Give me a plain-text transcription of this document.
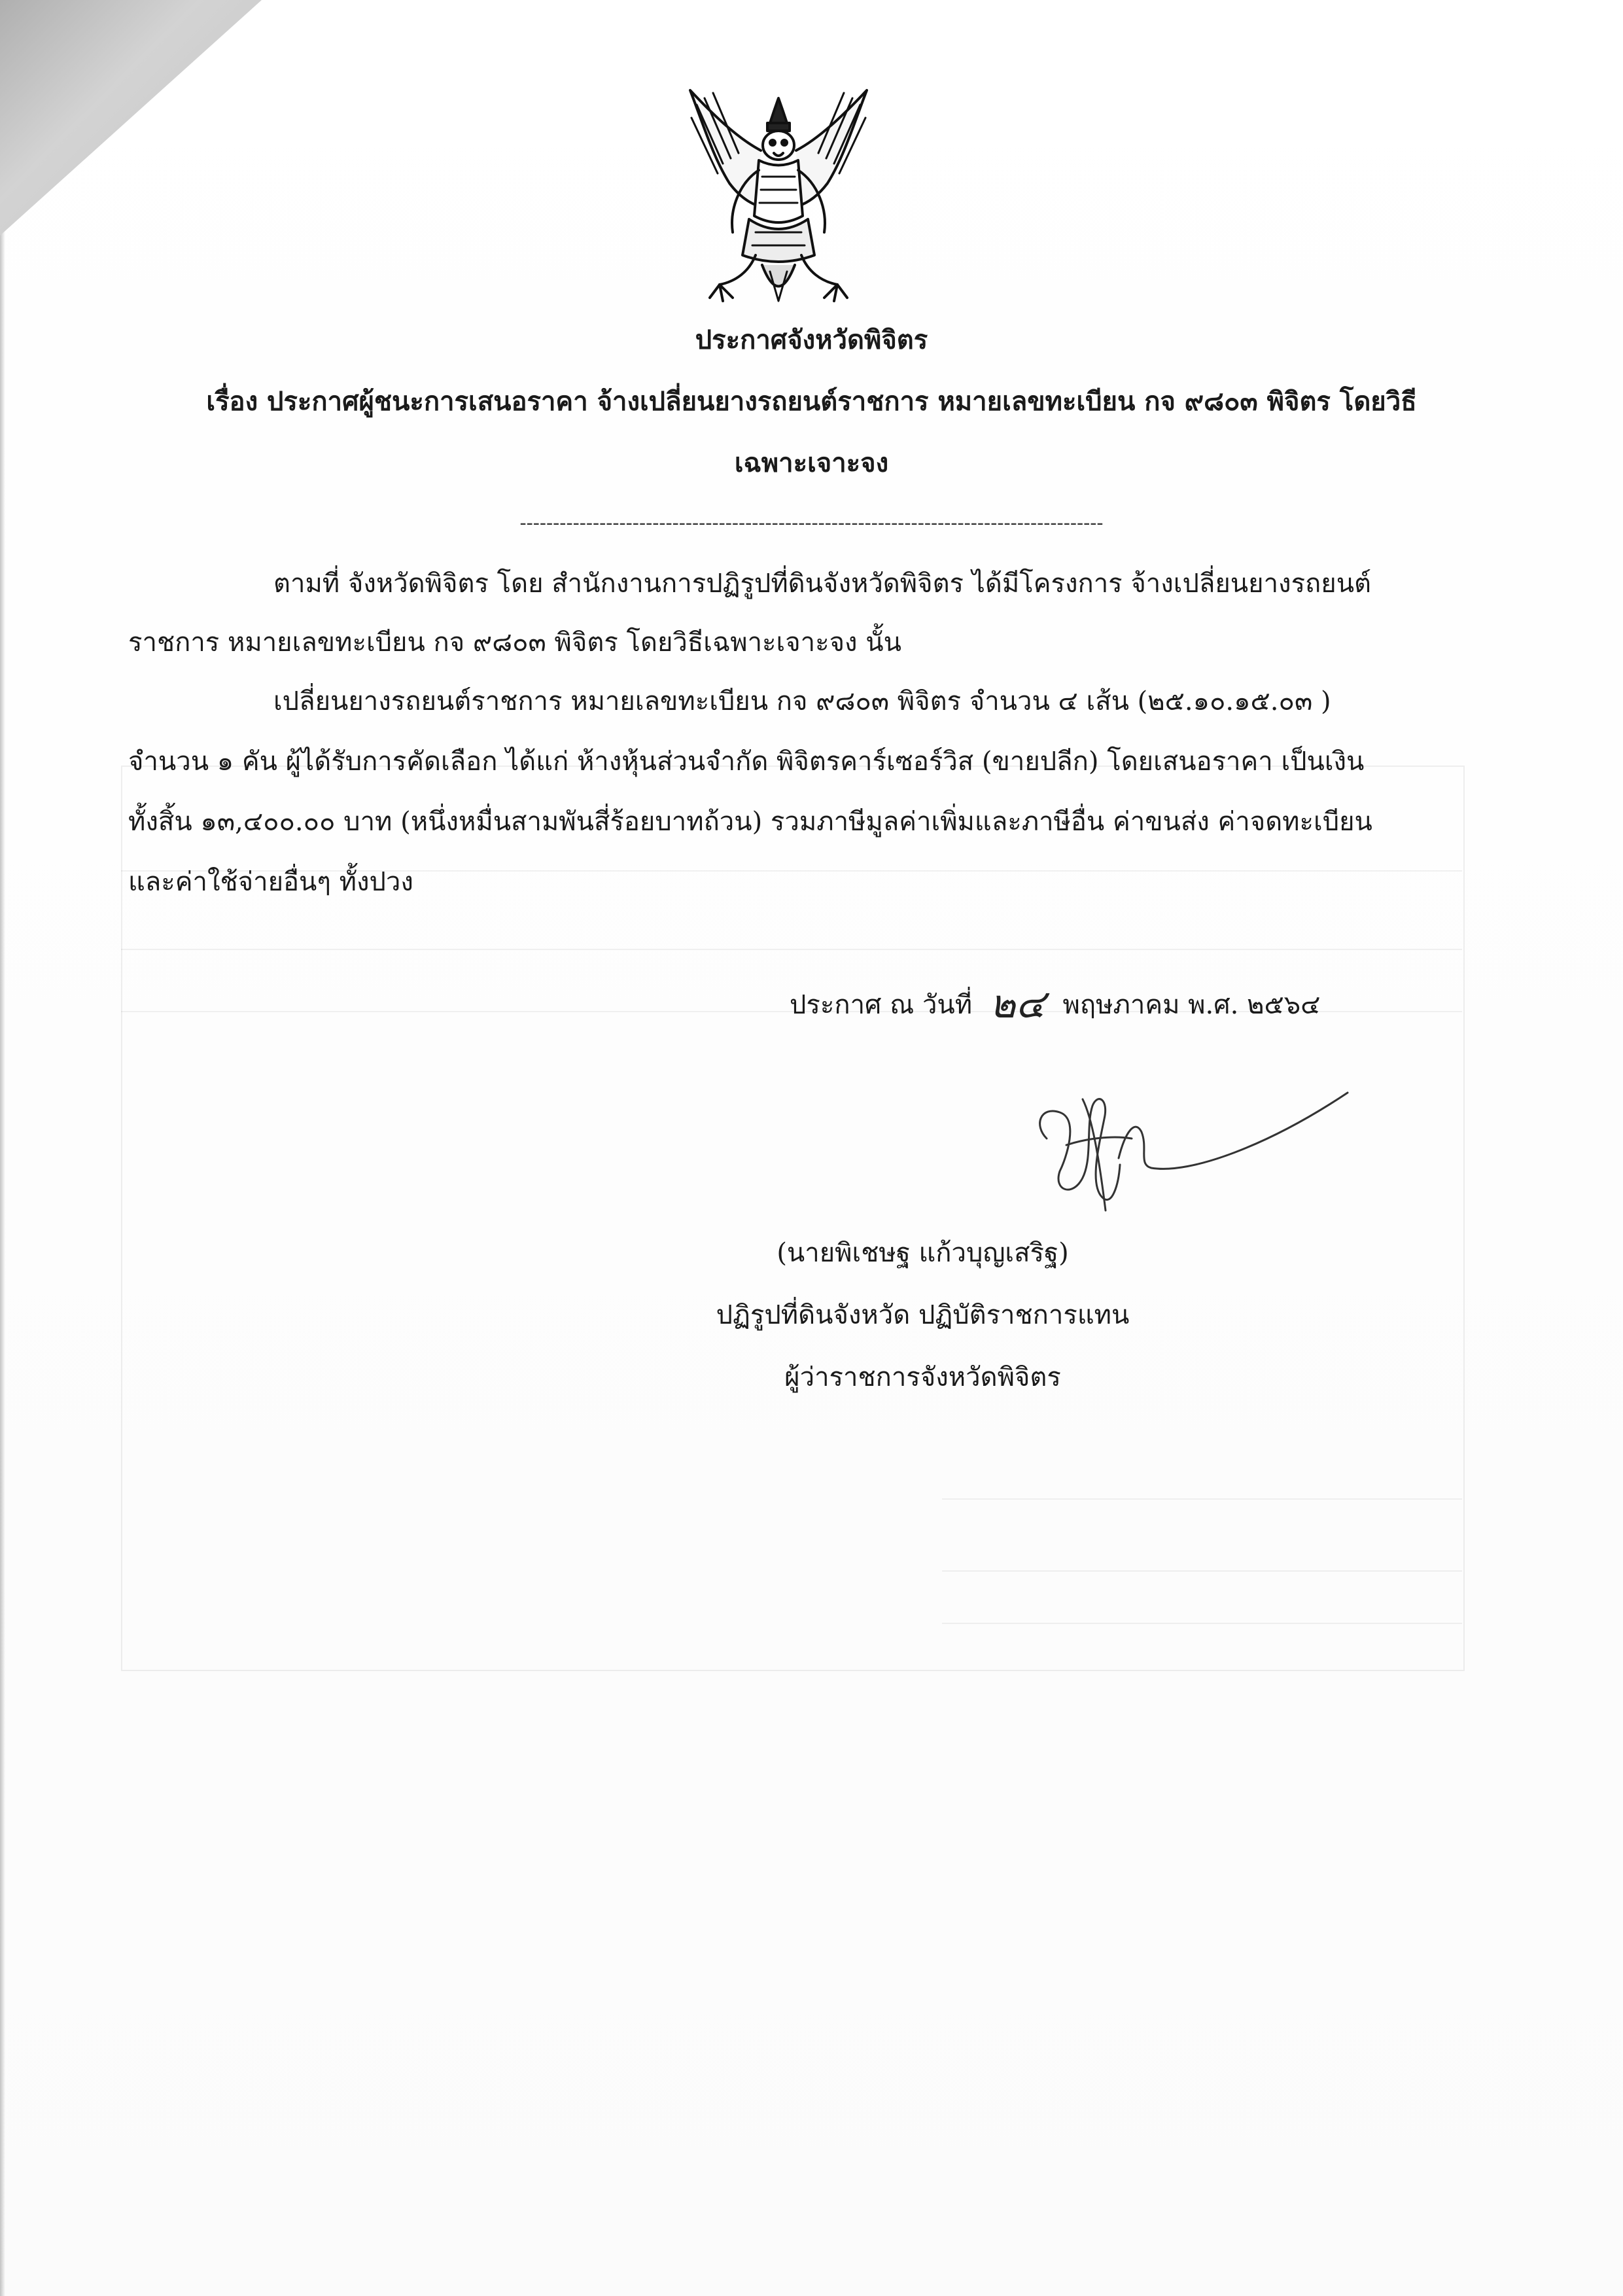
ประกาศจังหวัดพิจิตร
เรื่อง ประกาศผู้ชนะการเสนอราคา จ้างเปลี่ยนยางรถยนต์ราชการ หมายเลขทะเบียน กจ ๙๘๐๓ พิจิตร โดยวิธี
เฉพาะเจาะจง
----------------------------------------------------------------------------------------
ตามที่ จังหวัดพิจิตร โดย สำนักงานการปฏิรูปที่ดินจังหวัดพิจิตร ได้มีโครงการ จ้างเปลี่ยนยางรถยนต์
ราชการ หมายเลขทะเบียน กจ ๙๘๐๓ พิจิตร โดยวิธีเฉพาะเจาะจง นั้น
เปลี่ยนยางรถยนต์ราชการ หมายเลขทะเบียน กจ ๙๘๐๓ พิจิตร จำนวน ๔ เส้น (๒๕.๑๐.๑๕.๐๓ )
จำนวน ๑ คัน ผู้ได้รับการคัดเลือก ได้แก่ ห้างหุ้นส่วนจำกัด พิจิตรคาร์เซอร์วิส (ขายปลีก) โดยเสนอราคา เป็นเงิน
ทั้งสิ้น ๑๓,๔๐๐.๐๐ บาท (หนึ่งหมื่นสามพันสี่ร้อยบาทถ้วน) รวมภาษีมูลค่าเพิ่มและภาษีอื่น ค่าขนส่ง ค่าจดทะเบียน
และค่าใช้จ่ายอื่นๆ ทั้งปวง
ประกาศ ณ วันที่ ๒๔ พฤษภาคม พ.ศ. ๒๕๖๔
(นายพิเชษฐ แก้วบุญเสริฐ)
ปฏิรูปที่ดินจังหวัด ปฏิบัติราชการแทน
ผู้ว่าราชการจังหวัดพิจิตร
